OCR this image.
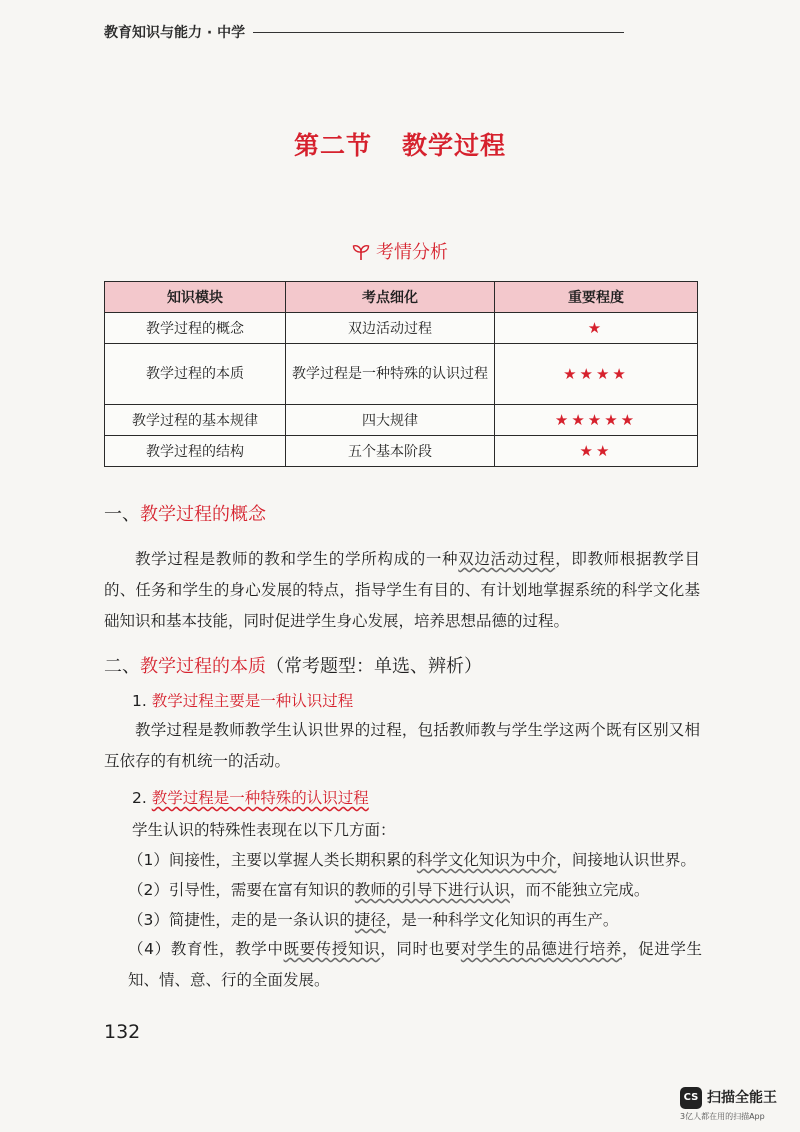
教育知识与能力 · 中学
第二节 教学过程
考情分析
知识模块	考点细化	重要程度
教学过程的概念	双边活动过程	★
教学过程的本质	教学过程是一种特殊的认识过程	★★★★
教学过程的基本规律	四大规律	★★★★★
教学过程的结构	五个基本阶段	★★
一、教学过程的概念
教学过程是教师的教和学生的学所构成的一种双边活动过程，即教师根据教学目的、任务和学生的身心发展的特点，指导学生有目的、有计划地掌握系统的科学文化基础知识和基本技能，同时促进学生身心发展，培养思想品德的过程。
二、教学过程的本质（常考题型：单选、辨析）
1. 教学过程主要是一种认识过程
教学过程是教师教学生认识世界的过程，包括教师教与学生学这两个既有区别又相互依存的有机统一的活动。
2. 教学过程是一种特殊的认识过程
学生认识的特殊性表现在以下几方面：
（1）间接性，主要以掌握人类长期积累的科学文化知识为中介，间接地认识世界。
（2）引导性，需要在富有知识的教师的引导下进行认识，而不能独立完成。
（3）简捷性，走的是一条认识的捷径，是一种科学文化知识的再生产。
（4）教育性，教学中既要传授知识，同时也要对学生的品德进行培养，促进学生知、情、意、行的全面发展。
132
CS 扫描全能王
3亿人都在用的扫描App
